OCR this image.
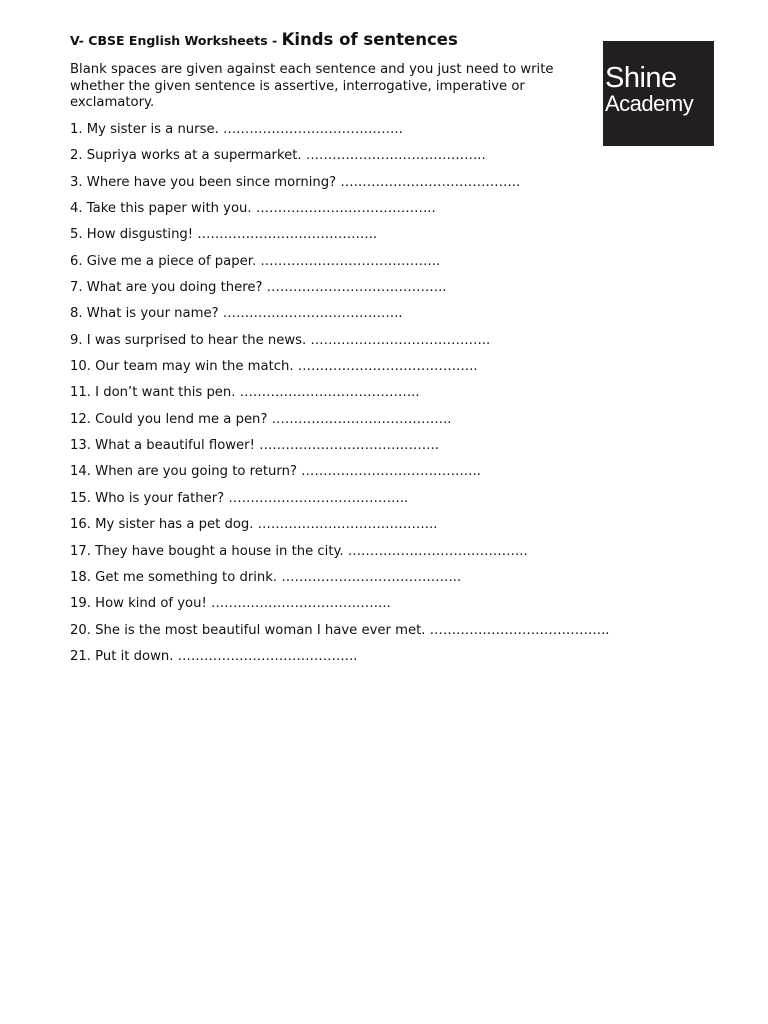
V- CBSE English Worksheets - Kinds of sentences
Blank spaces are given against each sentence and you just need to write whether the given sentence is assertive, interrogative, imperative or exclamatory.
Shine
Academy
1. My sister is a nurse. …………………………………..
2. Supriya works at a supermarket. …………………………………..
3. Where have you been since morning? …………………………………..
4. Take this paper with you. …………………………………..
5. How disgusting! …………………………………..
6. Give me a piece of paper. …………………………………..
7. What are you doing there? …………………………………..
8. What is your name? …………………………………..
9. I was surprised to hear the news. …………………………………..
10. Our team may win the match. …………………………………..
11. I don’t want this pen. …………………………………..
12. Could you lend me a pen? …………………………………..
13. What a beautiful flower! …………………………………..
14. When are you going to return? …………………………………..
15. Who is your father? …………………………………..
16. My sister has a pet dog. …………………………………..
17. They have bought a house in the city. …………………………………..
18. Get me something to drink. …………………………………..
19. How kind of you! …………………………………..
20. She is the most beautiful woman I have ever met. …………………………………..
21. Put it down. …………………………………..
